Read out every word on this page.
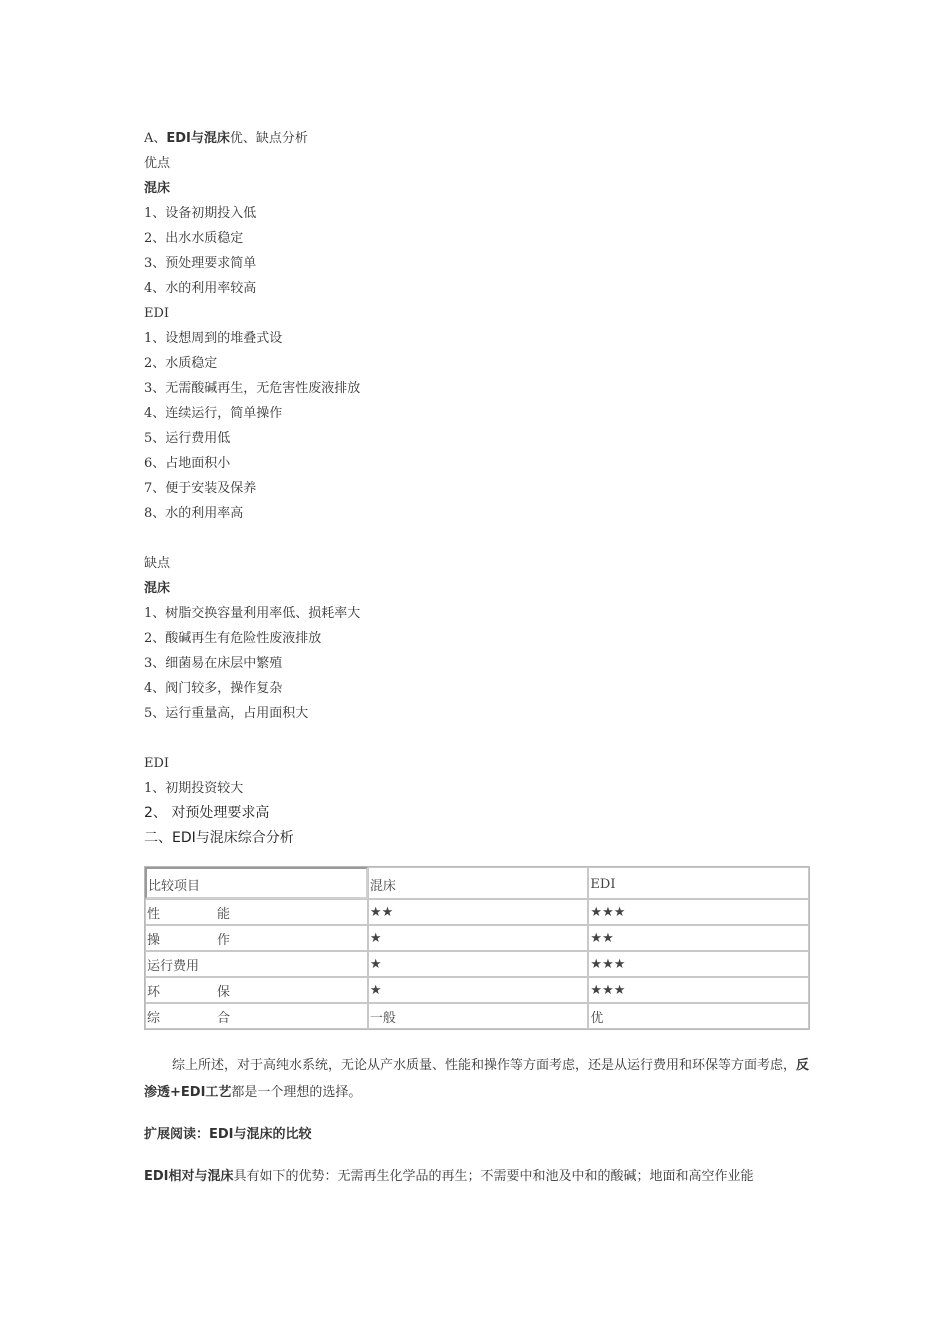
A、EDI与混床优、缺点分析
优点
混床
1、设备初期投入低
2、出水水质稳定
3、预处理要求简单
4、水的利用率较高
EDI
1、设想周到的堆叠式设
2、水质稳定
3、无需酸碱再生，无危害性废液排放
4、连续运行，简单操作
5、运行费用低
6、占地面积小
7、便于安装及保养
8、水的利用率高
缺点
混床
1、树脂交换容量利用率低、损耗率大
2、酸碱再生有危险性废液排放
3、细菌易在床层中繁殖
4、阀门较多，操作复杂
5、运行重量高，占用面积大
EDI
1、初期投资较大
2、 对预处理要求高
二、EDI与混床综合分析
比较项目	混床	EDI
性 能	★★	★★★
操 作	★	★★
运行费用	★	★★★
环 保	★	★★★
综 合	一般	优
综上所述，对于高纯水系统，无论从产水质量、性能和操作等方面考虑，还是从运行费用和环保等方面考虑，反渗透+EDI工艺都是一个理想的选择。
扩展阅读：EDI与混床的比较
EDI相对与混床具有如下的优势：无需再生化学品的再生；不需要中和池及中和的酸碱；地面和高空作业能
